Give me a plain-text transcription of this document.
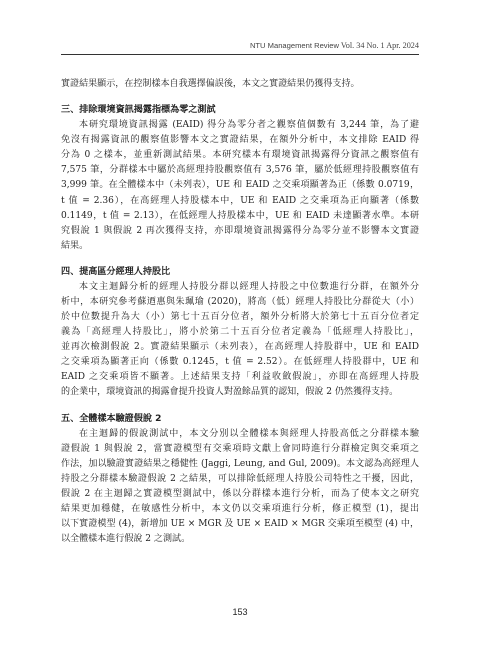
NTU Management Review Vol. 34 No. 1 Apr. 2024
實證結果顯示，在控制樣本自我選擇偏誤後，本文之實證結果仍獲得支持。
三、排除環境資訊揭露指標為零之測試
本研究環境資訊揭露 (EAID) 得分為零分者之觀察值個數有 3,244 筆，為了避
免沒有揭露資訊的觀察值影響本文之實證結果，在額外分析中，本文排除 EAID 得
分為 0 之樣本，並重新測試結果。本研究樣本有環境資訊揭露得分資訊之觀察值有
7,575 筆，分群樣本中屬於高經理持股觀察值有 3,576 筆，屬於低經理持股觀察值有
3,999 筆。在全體樣本中（未列表），UE 和 EAID 之交乘項顯著為正（係數 0.0719，
t 值 = 2.36），在高經理人持股樣本中，UE 和 EAID 之交乘項為正向顯著（係數
0.1149，t 值 = 2.13），在低經理人持股樣本中，UE 和 EAID 未達顯著水準。本研
究假說 1 與假說 2 再次獲得支持，亦即環境資訊揭露得分為零分並不影響本文實證
結果。
四、提高區分經理人持股比
本文主迴歸分析的經理人持股分群以經理人持股之中位數進行分群，在額外分
析中，本研究參考蘇迺惠與朱珮瑜 (2020)，將高（低）經理人持股比分群從大（小）
於中位數提升為大（小）第七十五百分位者，額外分析將大於第七十五百分位者定
義為「高經理人持股比」，將小於第二十五百分位者定義為「低經理人持股比」，
並再次檢測假說 2。實證結果顯示（未列表），在高經理人持股群中，UE 和 EAID
之交乘項為顯著正向（係數 0.1245，t 值 = 2.52）。在低經理人持股群中，UE 和
EAID 之交乘項皆不顯著。上述結果支持「利益收斂假說」，亦即在高經理人持股
的企業中，環境資訊的揭露會提升投資人對盈餘品質的認知，假說 2 仍然獲得支持。
五、全體樣本驗證假說 2
在主迴歸的假說測試中，本文分別以全體樣本與經理人持股高低之分群樣本驗
證假說 1 與假說 2，當實證模型有交乘項時文獻上會同時進行分群檢定與交乘項之
作法，加以驗證實證結果之穩健性 (Jaggi, Leung, and Gul, 2009)。本文認為高經理人
持股之分群樣本驗證假說 2 之結果，可以排除低經理人持股公司特性之干擾，因此，
假說 2 在主迴歸之實證模型測試中，係以分群樣本進行分析，而為了使本文之研究
結果更加穩健，在敏感性分析中，本文仍以交乘項進行分析，修正模型 (1)，提出
以下實證模型 (4)，新增加 UE × MGR 及 UE × EAID × MGR 交乘項至模型 (4) 中，
以全體樣本進行假說 2 之測試。
153
